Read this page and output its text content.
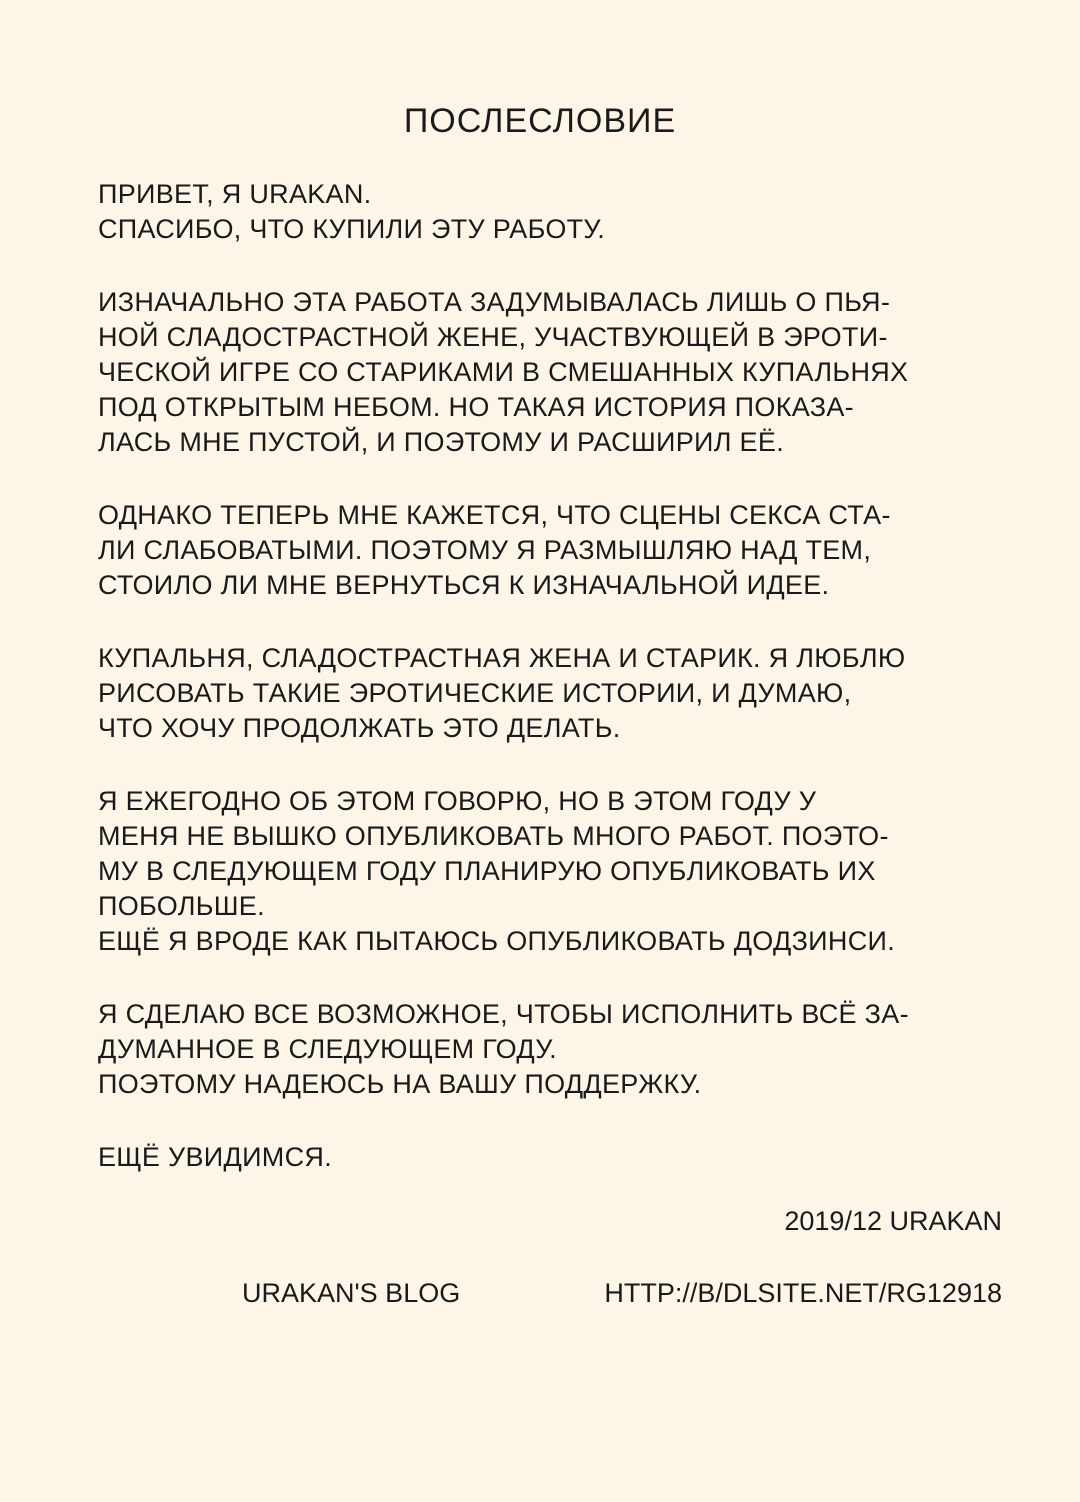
ПОСЛЕСЛОВИЕ
ПРИВЕТ, Я URAKAN.
СПАСИБО, ЧТО КУПИЛИ ЭТУ РАБОТУ.
ИЗНАЧАЛЬНО ЭТА РАБОТА ЗАДУМЫВАЛАСЬ ЛИШЬ О ПЬЯ-
НОЙ СЛАДОСТРАСТНОЙ ЖЕНЕ, УЧАСТВУЮЩЕЙ В ЭРОТИ-
ЧЕСКОЙ ИГРЕ СО СТАРИКАМИ В СМЕШАННЫХ КУПАЛЬНЯХ
ПОД ОТКРЫТЫМ НЕБОМ. НО ТАКАЯ ИСТОРИЯ ПОКАЗА-
ЛАСЬ МНЕ ПУСТОЙ, И ПОЭТОМУ И РАСШИРИЛ ЕЁ.
ОДНАКО ТЕПЕРЬ МНЕ КАЖЕТСЯ, ЧТО СЦЕНЫ СЕКСА СТА-
ЛИ СЛАБОВАТЫМИ. ПОЭТОМУ Я РАЗМЫШЛЯЮ НАД ТЕМ,
СТОИЛО ЛИ МНЕ ВЕРНУТЬСЯ К ИЗНАЧАЛЬНОЙ ИДЕЕ.
КУПАЛЬНЯ, СЛАДОСТРАСТНАЯ ЖЕНА И СТАРИК. Я ЛЮБЛЮ
РИСОВАТЬ ТАКИЕ ЭРОТИЧЕСКИЕ ИСТОРИИ, И ДУМАЮ,
ЧТО ХОЧУ ПРОДОЛЖАТЬ ЭТО ДЕЛАТЬ.
Я ЕЖЕГОДНО ОБ ЭТОМ ГОВОРЮ, НО В ЭТОМ ГОДУ У
МЕНЯ НЕ ВЫШКО ОПУБЛИКОВАТЬ МНОГО РАБОТ. ПОЭТО-
МУ В СЛЕДУЮЩЕМ ГОДУ ПЛАНИРУЮ ОПУБЛИКОВАТЬ ИХ
ПОБОЛЬШЕ.
ЕЩЁ Я ВРОДЕ КАК ПЫТАЮСЬ ОПУБЛИКОВАТЬ ДОДЗИНСИ.
Я СДЕЛАЮ ВСЕ ВОЗМОЖНОЕ, ЧТОБЫ ИСПОЛНИТЬ ВСЁ ЗА-
ДУМАННОЕ В СЛЕДУЮЩЕМ ГОДУ.
ПОЭТОМУ НАДЕЮСЬ НА ВАШУ ПОДДЕРЖКУ.
ЕЩЁ УВИДИМСЯ.
2019/12 URAKAN
URAKAN'S BLOG	HTTP://B/DLSITE.NET/RG12918
